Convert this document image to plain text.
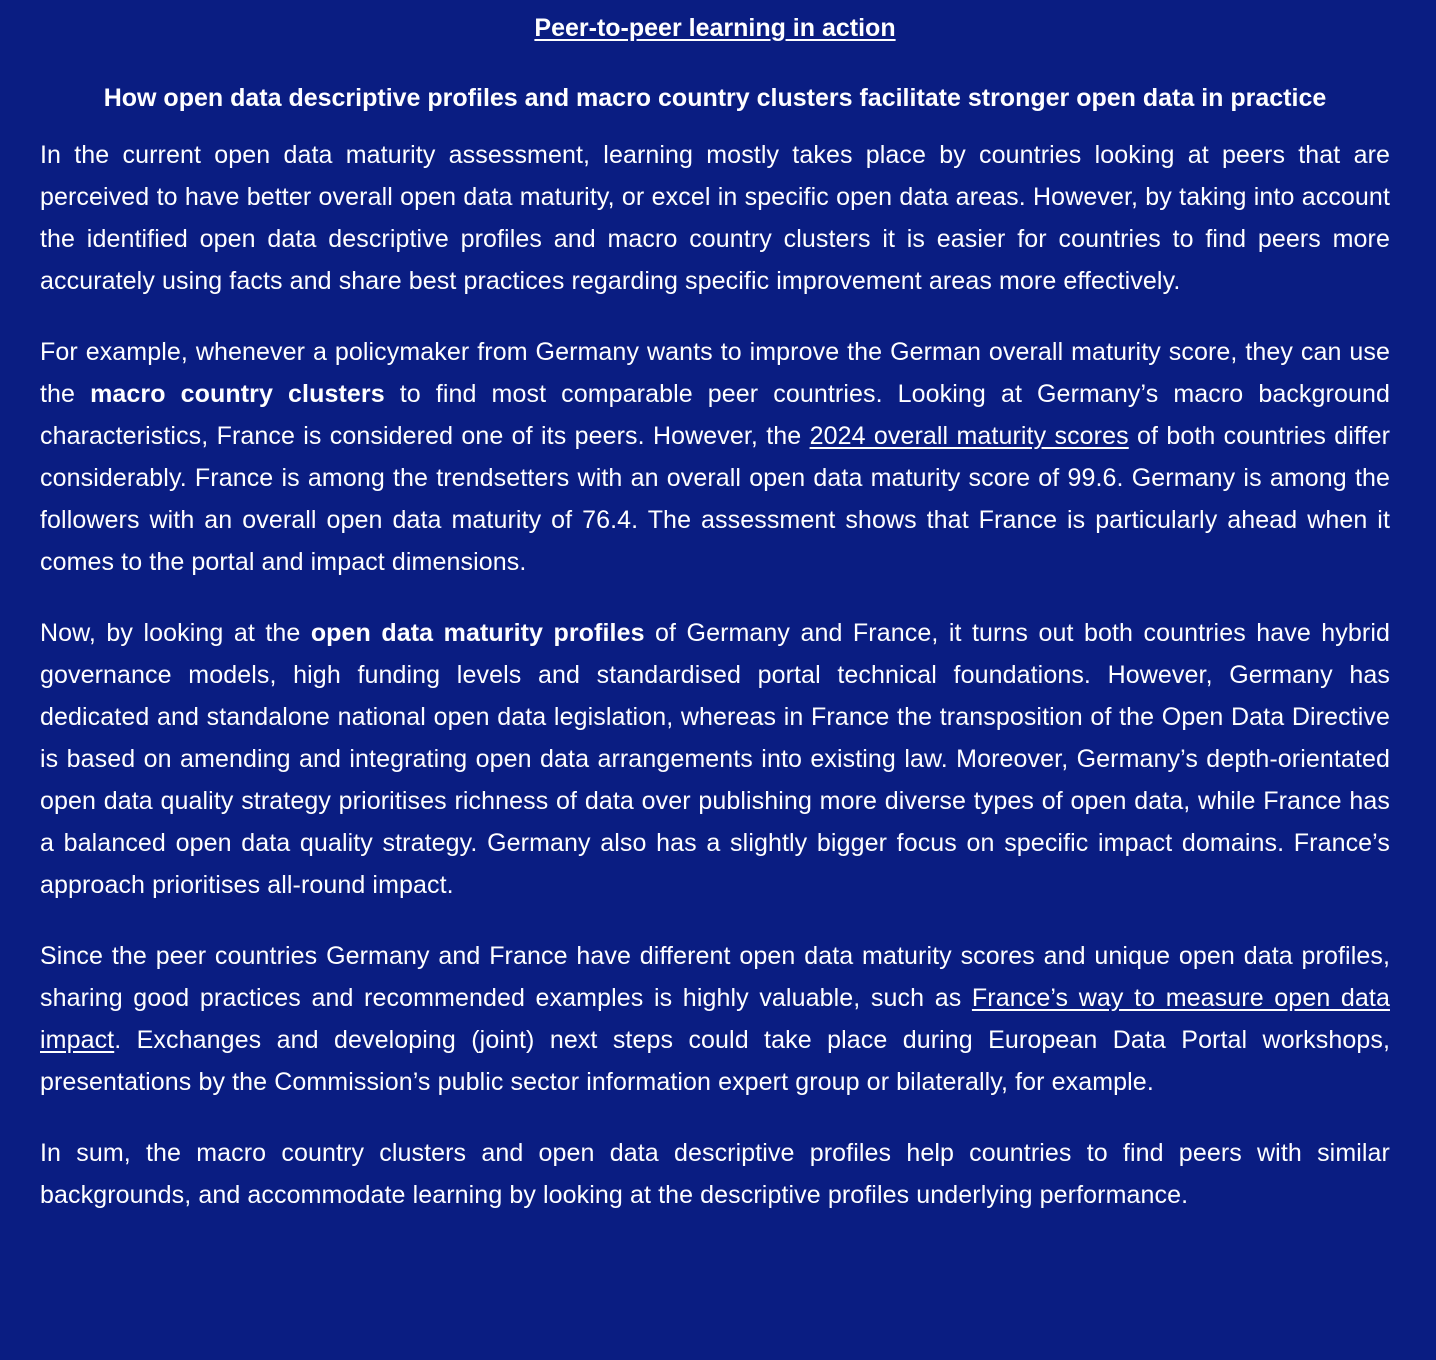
Peer-to-peer learning in action
How open data descriptive profiles and macro country clusters facilitate stronger open data in practice

In the current open data maturity assessment, learning mostly takes place by countries looking at peers that are perceived to have better overall open data maturity, or excel in specific open data areas. However, by taking into account the identified open data descriptive profiles and macro country clusters it is easier for countries to find peers more accurately using facts and share best practices regarding specific improvement areas more effectively.

For example, whenever a policymaker from Germany wants to improve the German overall maturity score, they can use the macro country clusters to find most comparable peer countries. Looking at Germany’s macro background characteristics, France is considered one of its peers. However, the 2024 overall maturity scores of both countries differ considerably. France is among the trendsetters with an overall open data maturity score of 99.6. Germany is among the followers with an overall open data maturity of 76.4. The assessment shows that France is particularly ahead when it comes to the portal and impact dimensions.

Now, by looking at the open data maturity profiles of Germany and France, it turns out both countries have hybrid governance models, high funding levels and standardised portal technical foundations. However, Germany has dedicated and standalone national open data legislation, whereas in France the transposition of the Open Data Directive is based on amending and integrating open data arrangements into existing law. Moreover, Germany’s depth-orientated open data quality strategy prioritises richness of data over publishing more diverse types of open data, while France has a balanced open data quality strategy. Germany also has a slightly bigger focus on specific impact domains. France’s approach prioritises all-round impact.

Since the peer countries Germany and France have different open data maturity scores and unique open data profiles, sharing good practices and recommended examples is highly valuable, such as France’s way to measure open data impact. Exchanges and developing (joint) next steps could take place during European Data Portal workshops, presentations by the Commission’s public sector information expert group or bilaterally, for example.

In sum, the macro country clusters and open data descriptive profiles help countries to find peers with similar backgrounds, and accommodate learning by looking at the descriptive profiles underlying performance.
